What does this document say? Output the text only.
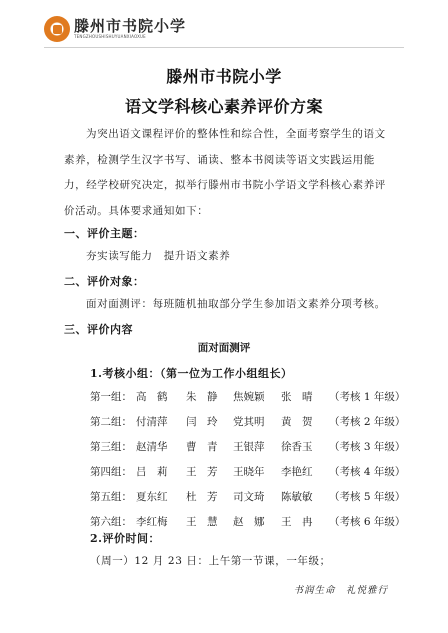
滕州市书院小学
TENGZHOUSHISHUYUANXIAOXUE
滕州市书院小学
语文学科核心素养评价方案
为突出语文课程评价的整体性和综合性，全面考察学生的语文素养，检测学生汉字书写、诵读、整本书阅读等语文实践运用能力，经学校研究决定，拟举行滕州市书院小学语文学科核心素养评价活动。具体要求通知如下：
一、评价主题：
夯实读写能力　提升语文素养
二、评价对象：
面对面测评：每班随机抽取部分学生参加语文素养分项考核。
三、评价内容
面对面测评
1.考核小组：（第一位为工作小组组长）
第一组： 高　鹤 朱　静 焦婉颖 张　晴 （考核 1 年级）
第二组： 付清萍 闫　玲 党其明 黄　贺 （考核 2 年级）
第三组： 赵清华 曹　青 王银萍 徐香玉 （考核 3 年级）
第四组： 吕　莉 王　芳 王晓年 李艳红 （考核 4 年级）
第五组： 夏东红 杜　芳 司文琦 陈敏敏 （考核 5 年级）
第六组： 李红梅 王　慧 赵　娜 王　冉 （考核 6 年级）
2.评价时间：
（周一）12 月 23 日：上午第一节课，一年级；
书润生命　礼悦雅行
